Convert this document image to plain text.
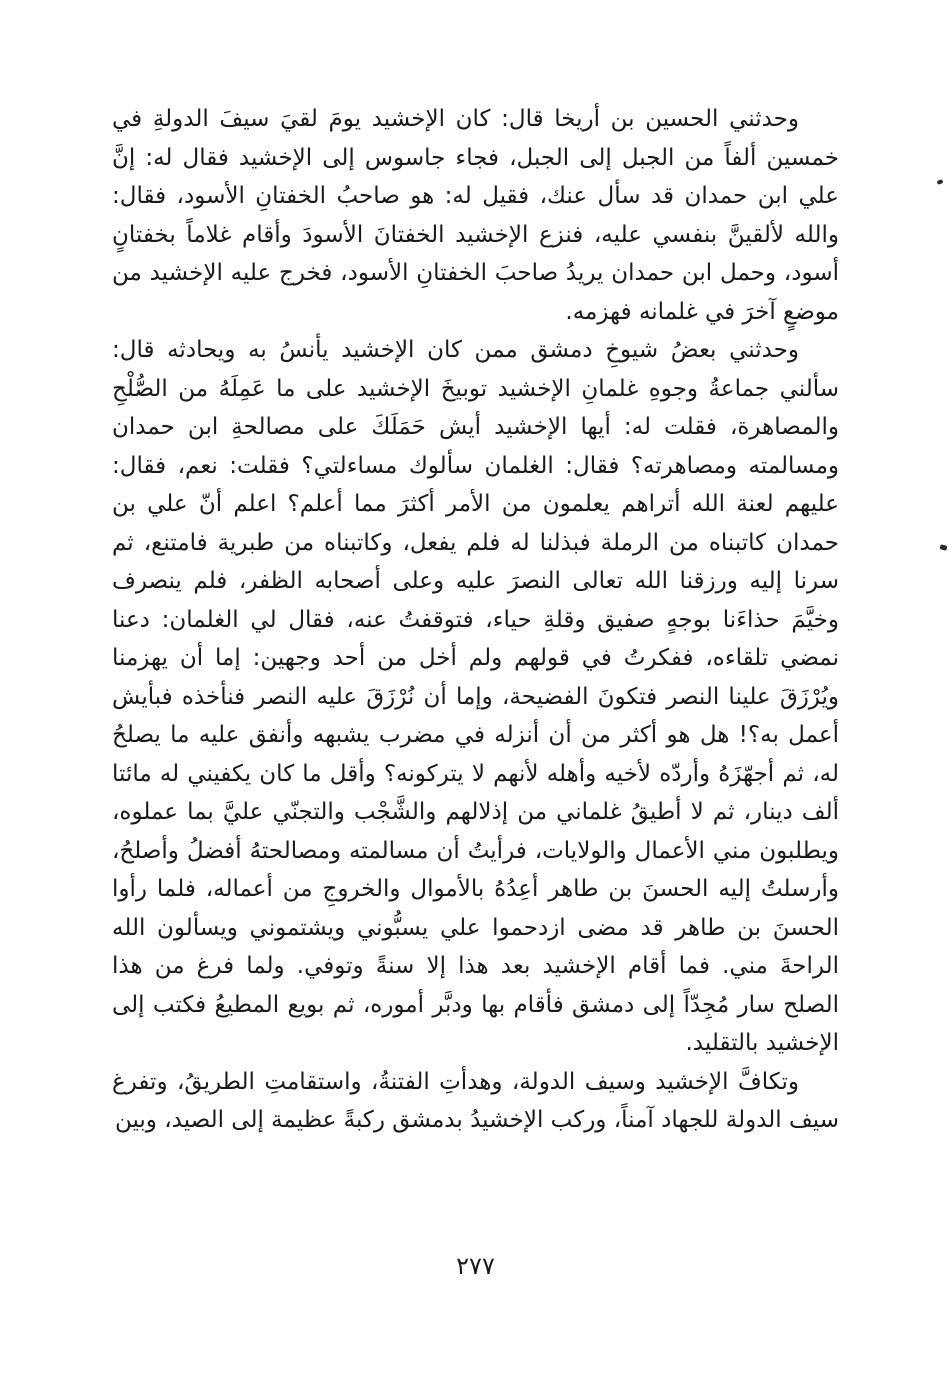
وحدثني الحسين بن أريخا قال: كان الإخشيد يومَ لقيَ سيفَ الدولةِ في خمسين ألفاً من الجبل إلى الجبل، فجاء جاسوس إلى الإخشيد فقال له: إنَّ علي ابن حمدان قد سأل عنك، فقيل له: هو صاحبُ الخفتانِ الأسود، فقال: والله لألقينَّ بنفسي عليه، فنزع الإخشيد الخفتانَ الأسودَ وأقام غلاماً بخفتانٍ أسود، وحمل ابن حمدان يريدُ صاحبَ الخفتانِ الأسود، فخرج عليه الإخشيد من موضعٍ آخرَ في غلمانه فهزمه.

وحدثني بعضُ شيوخِ دمشق ممن كان الإخشيد يأنسُ به ويحادثه قال: سألني جماعةُ وجوهِ غلمانِ الإخشيد توبيخَ الإخشيد على ما عَمِلَهُ من الصُّلْحِ والمصاهرة، فقلت له: أيها الإخشيد أيش حَمَلَكَ على مصالحةِ ابن حمدان ومسالمته ومصاهرته؟ فقال: الغلمان سألوك مساءلتي؟ فقلت: نعم، فقال: عليهم لعنة الله أتراهم يعلمون من الأمر أكثرَ مما أعلم؟ اعلم أنّ علي بن حمدان كاتبناه من الرملة فبذلنا له فلم يفعل، وكاتبناه من طبرية فامتنع، ثم سرنا إليه ورزقنا الله تعالى النصرَ عليه وعلى أصحابه الظفر، فلم ينصرف وخيَّمَ حذاءَنا بوجهٍ صفيق وقلةِ حياء، فتوقفتُ عنه، فقال لي الغلمان: دعنا نمضي تلقاءه، ففكرتُ في قولهم ولم أخل من أحد وجهين: إما أن يهزمنا ويُرْزَقَ علينا النصر فتكونَ الفضيحة، وإما أن نُرْزَقَ عليه النصر فنأخذه فبأيش أعمل به؟! هل هو أكثر من أن أنزله في مضرب يشبهه وأنفق عليه ما يصلحُ له، ثم أجهّزَهُ وأردّه لأخيه وأهله لأنهم لا يتركونه؟ وأقل ما كان يكفيني له مائتا ألف دينار، ثم لا أطيقُ غلماني من إذلالهم والشَّجْب والتجنّي عليَّ بما عملوه، ويطلبون مني الأعمال والولايات، فرأيتُ أن مسالمته ومصالحتهُ أفضلُ وأصلحُ، وأرسلتُ إليه الحسنَ بن طاهر أعِدُهُ بالأموال والخروجِ من أعماله، فلما رأوا الحسنَ بن طاهر قد مضى ازدحموا علي يسبُّوني ويشتموني ويسألون الله الراحةَ مني. فما أقام الإخشيد بعد هذا إلا سنةً وتوفي. ولما فرغ من هذا الصلح سار مُجِدّاً إلى دمشق فأقام بها ودبَّر أموره، ثم بويع المطيعُ فكتب إلى الإخشيد بالتقليد.

وتكافَّ الإخشيد وسيف الدولة، وهدأتِ الفتنةُ، واستقامتِ الطريقُ، وتفرغ سيف الدولة للجهاد آمناً، وركب الإخشيدُ بدمشق ركبةً عظيمة إلى الصيد، وبين

٢٧٧
